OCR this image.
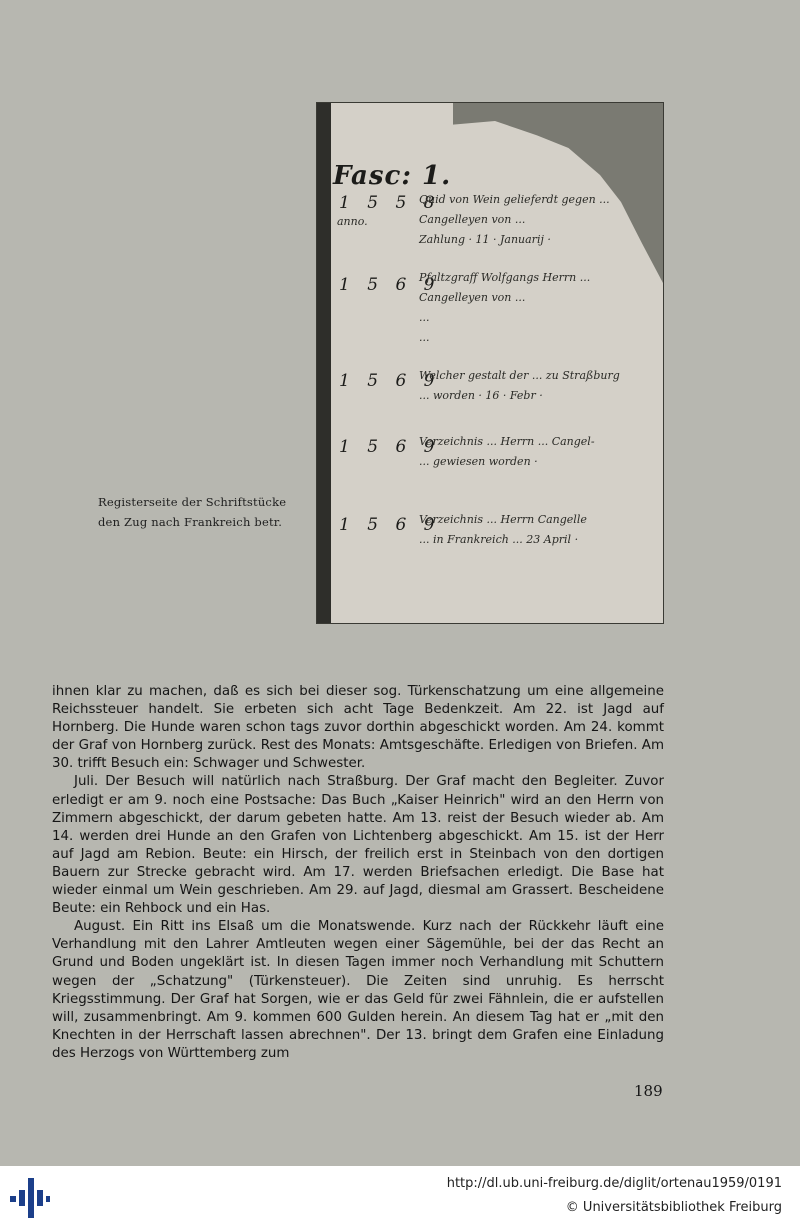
Fasc: 1.
1 5 5 8
anno.
Quid von Wein gelieferdt gegen ...
Cangelleyen von ...
Zahlung · 11 · Januarij ·
1 5 6 9
Pfaltzgraff Wolfgangs Herrn ...
Cangelleyen von ...
...
...
1 5 6 9
Welcher gestalt der ... zu Straßburg
... worden · 16 · Febr ·
1 5 6 9
Verzeichnis ... Herrn ... Cangel-
... gewiesen worden ·
1 5 6 9
Verzeichnis ... Herrn Cangelle
... in Frankreich ... 23 April ·
Registerseite der Schriftstücke
den Zug nach Frankreich betr.

ihnen klar zu machen, daß es sich bei dieser sog. Türkenschatzung um eine allgemeine Reichssteuer handelt. Sie erbeten sich acht Tage Bedenkzeit. Am 22. ist Jagd auf Hornberg. Die Hunde waren schon tags zuvor dorthin abgeschickt worden. Am 24. kommt der Graf von Hornberg zurück. Rest des Monats: Amtsgeschäfte. Erledigen von Briefen. Am 30. trifft Besuch ein: Schwager und Schwester.

Juli. Der Besuch will natürlich nach Straßburg. Der Graf macht den Begleiter. Zuvor erledigt er am 9. noch eine Postsache: Das Buch „Kaiser Heinrich" wird an den Herrn von Zimmern abgeschickt, der darum gebeten hatte. Am 13. reist der Besuch wieder ab. Am 14. werden drei Hunde an den Grafen von Lichtenberg abgeschickt. Am 15. ist der Herr auf Jagd am Rebion. Beute: ein Hirsch, der freilich erst in Steinbach von den dortigen Bauern zur Strecke gebracht wird. Am 17. werden Briefsachen erledigt. Die Base hat wieder einmal um Wein geschrieben. Am 29. auf Jagd, diesmal am Grassert. Bescheidene Beute: ein Rehbock und ein Has.

August. Ein Ritt ins Elsaß um die Monatswende. Kurz nach der Rückkehr läuft eine Verhandlung mit den Lahrer Amtleuten wegen einer Sägemühle, bei der das Recht an Grund und Boden ungeklärt ist. In diesen Tagen immer noch Verhandlung mit Schuttern wegen der „Schatzung" (Türkensteuer). Die Zeiten sind unruhig. Es herrscht Kriegsstimmung. Der Graf hat Sorgen, wie er das Geld für zwei Fähnlein, die er aufstellen will, zusammenbringt. Am 9. kommen 600 Gulden herein. An diesem Tag hat er „mit den Knechten in der Herrschaft lassen abrechnen". Der 13. bringt dem Grafen eine Einladung des Herzogs von Württemberg zum

189
http://dl.ub.uni-freiburg.de/diglit/ortenau1959/0191
© Universitätsbibliothek Freiburg
